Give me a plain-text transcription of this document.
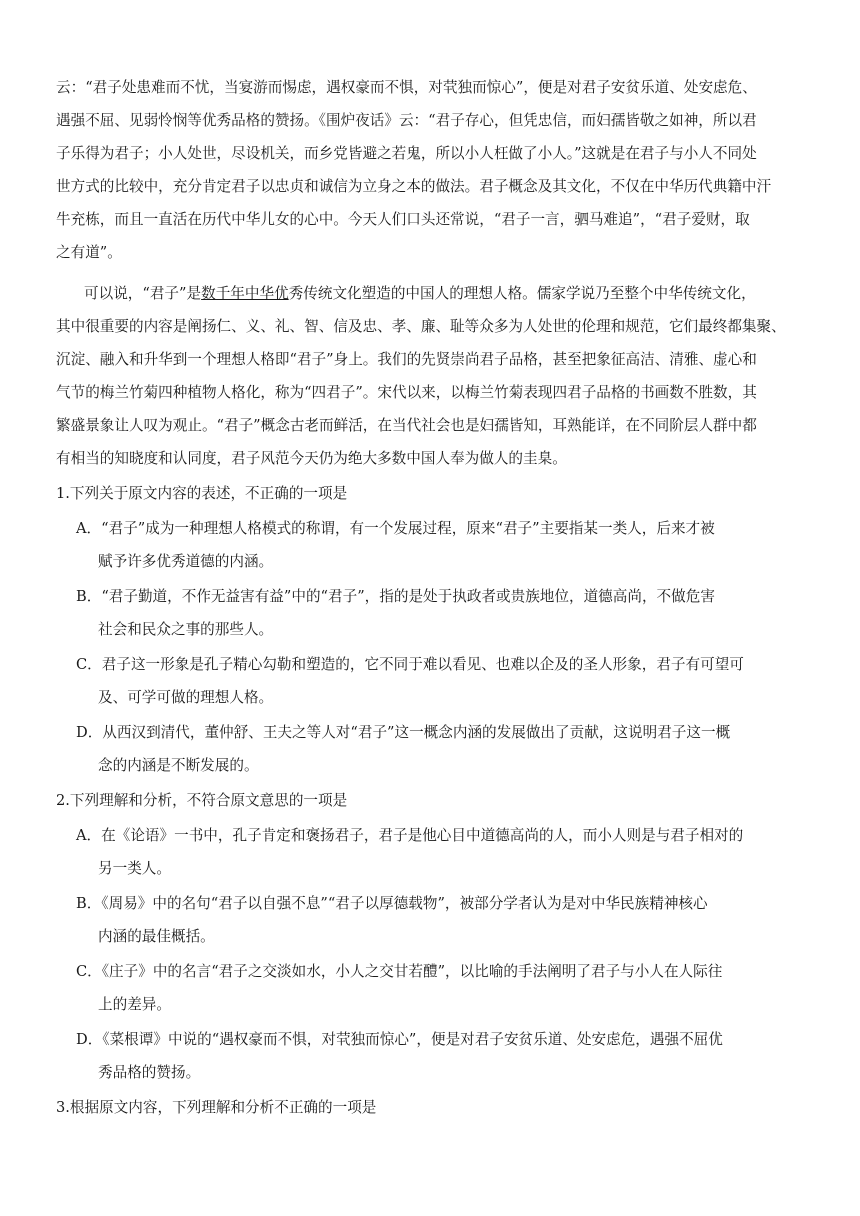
云：“君子处患难而不忧，当宴游而惕虑，遇权豪而不惧，对茕独而惊心”，便是对君子安贫乐道、处安虑危、
遇强不屈、见弱怜悯等优秀品格的赞扬。《围炉夜话》云：“君子存心，但凭忠信，而妇孺皆敬之如神，所以君
子乐得为君子；小人处世，尽设机关，而乡党皆避之若鬼，所以小人枉做了小人。”这就是在君子与小人不同处
世方式的比较中，充分肯定君子以忠贞和诚信为立身之本的做法。君子概念及其文化，不仅在中华历代典籍中汗
牛充栋，而且一直活在历代中华儿女的心中。今天人们口头还常说，“君子一言，驷马难追”，“君子爱财，取
之有道”。
可以说，“君子”是数千年中华优秀传统文化塑造的中国人的理想人格。儒家学说乃至整个中华传统文化，
其中很重要的内容是阐扬仁、义、礼、智、信及忠、孝、廉、耻等众多为人处世的伦理和规范，它们最终都集聚、
沉淀、融入和升华到一个理想人格即“君子”身上。我们的先贤崇尚君子品格，甚至把象征高洁、清雅、虚心和
气节的梅兰竹菊四种植物人格化，称为“四君子”。宋代以来，以梅兰竹菊表现四君子品格的书画数不胜数，其
繁盛景象让人叹为观止。“君子”概念古老而鲜活，在当代社会也是妇孺皆知，耳熟能详，在不同阶层人群中都
有相当的知晓度和认同度，君子风范今天仍为绝大多数中国人奉为做人的圭臬。
1.下列关于原文内容的表述，不正确的一项是
A．“君子”成为一种理想人格模式的称谓，有一个发展过程，原来“君子”主要指某一类人，后来才被
赋予许多优秀道德的内涵。
B．“君子勤道，不作无益害有益”中的“君子”，指的是处于执政者或贵族地位，道德高尚，不做危害
社会和民众之事的那些人。
C．君子这一形象是孔子精心勾勒和塑造的，它不同于难以看见、也难以企及的圣人形象，君子有可望可
及、可学可做的理想人格。
D．从西汉到清代，董仲舒、王夫之等人对“君子”这一概念内涵的发展做出了贡献，这说明君子这一概
念的内涵是不断发展的。
2.下列理解和分析，不符合原文意思的一项是
A．在《论语》一书中，孔子肯定和褒扬君子，君子是他心目中道德高尚的人，而小人则是与君子相对的
另一类人。
B．《周易》中的名句“君子以自强不息”“君子以厚德载物”，被部分学者认为是对中华民族精神核心
内涵的最佳概括。
C．《庄子》中的名言“君子之交淡如水，小人之交甘若醴”，以比喻的手法阐明了君子与小人在人际往
上的差异。
D．《菜根谭》中说的“遇权豪而不惧，对茕独而惊心”，便是对君子安贫乐道、处安虑危，遇强不屈优
秀品格的赞扬。
3.根据原文内容，下列理解和分析不正确的一项是
